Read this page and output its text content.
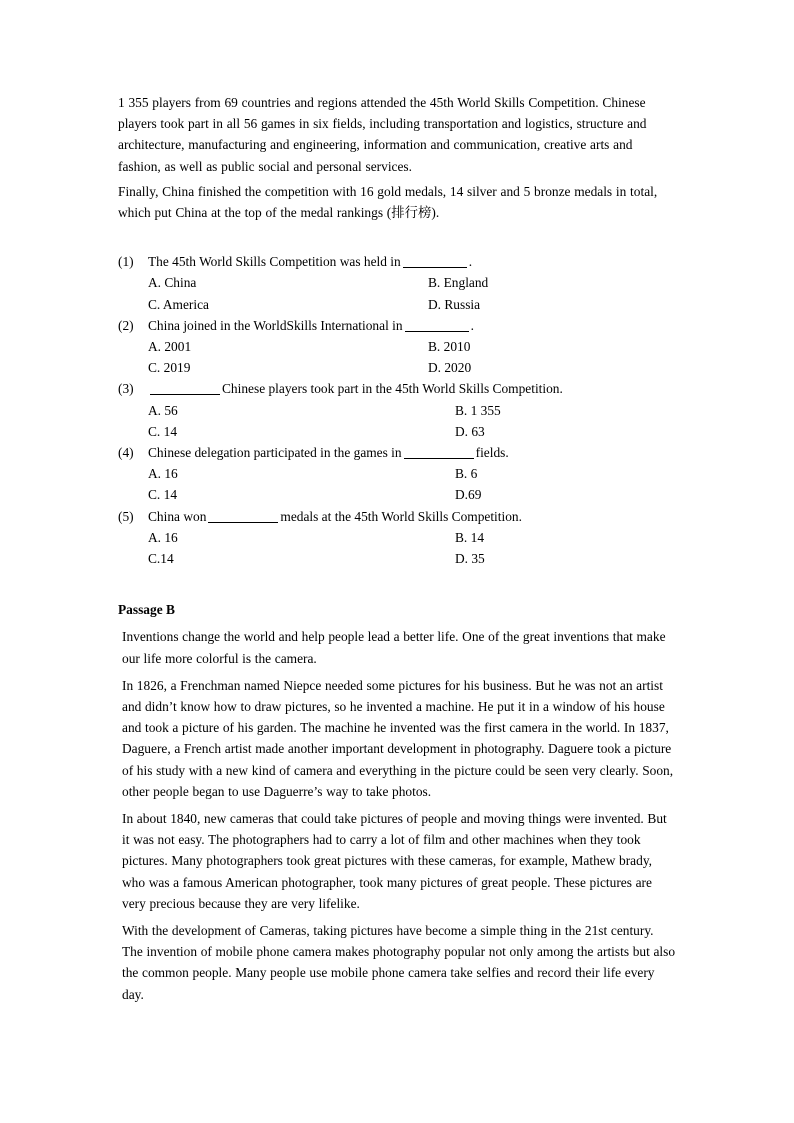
1 355 players from 69 countries and regions attended the 45th World Skills Competition. Chinese players took part in all 56 games in six fields, including transportation and logistics, structure and architecture, manufacturing and engineering, information and communication, creative arts and fashion, as well as public social and personal services.

Finally, China finished the competition with 16 gold medals, 14 silver and 5 bronze medals in total, which put China at the top of the medal rankings (排行榜).

(1)	The 45th World Skills Competition was held in	.
A. China	B. England
C. America	D. Russia
(2)	China joined in the WorldSkills International in	.
A. 2001	B. 2010
C. 2019	D. 2020
(3)	Chinese players took part in the 45th World Skills Competition.
A. 56	B. 1 355
C. 14	D. 63
(4)	Chinese delegation participated in the games in	fields.
A. 16	B. 6
C. 14	D.69
(5)	China won	medals at the 45th World Skills Competition.
A. 16	B. 14
C.14	D. 35
Passage B

Inventions change the world and help people lead a better life. One of the great inventions that make our life more colorful is the camera.

In 1826, a Frenchman named Niepce needed some pictures for his business. But he was not an artist and didn’t know how to draw pictures, so he invented a machine. He put it in a window of his house and took a picture of his garden. The machine he invented was the first camera in the world. In 1837, Daguere, a French artist made another important development in photography. Daguere took a picture of his study with a new kind of camera and everything in the picture could be seen very clearly. Soon, other people began to use Daguerre’s way to take photos.

In about 1840, new cameras that could take pictures of people and moving things were invented. But it was not easy. The photographers had to carry a lot of film and other machines when they took pictures. Many photographers took great pictures with these cameras, for example, Mathew brady, who was a famous American photographer, took many pictures of great people. These pictures are very precious because they are very lifelike.

With the development of Cameras, taking pictures have become a simple thing in the 21st century. The invention of mobile phone camera makes photography popular not only among the artists but also the common people. Many people use mobile phone camera take selfies and record their life every day.
